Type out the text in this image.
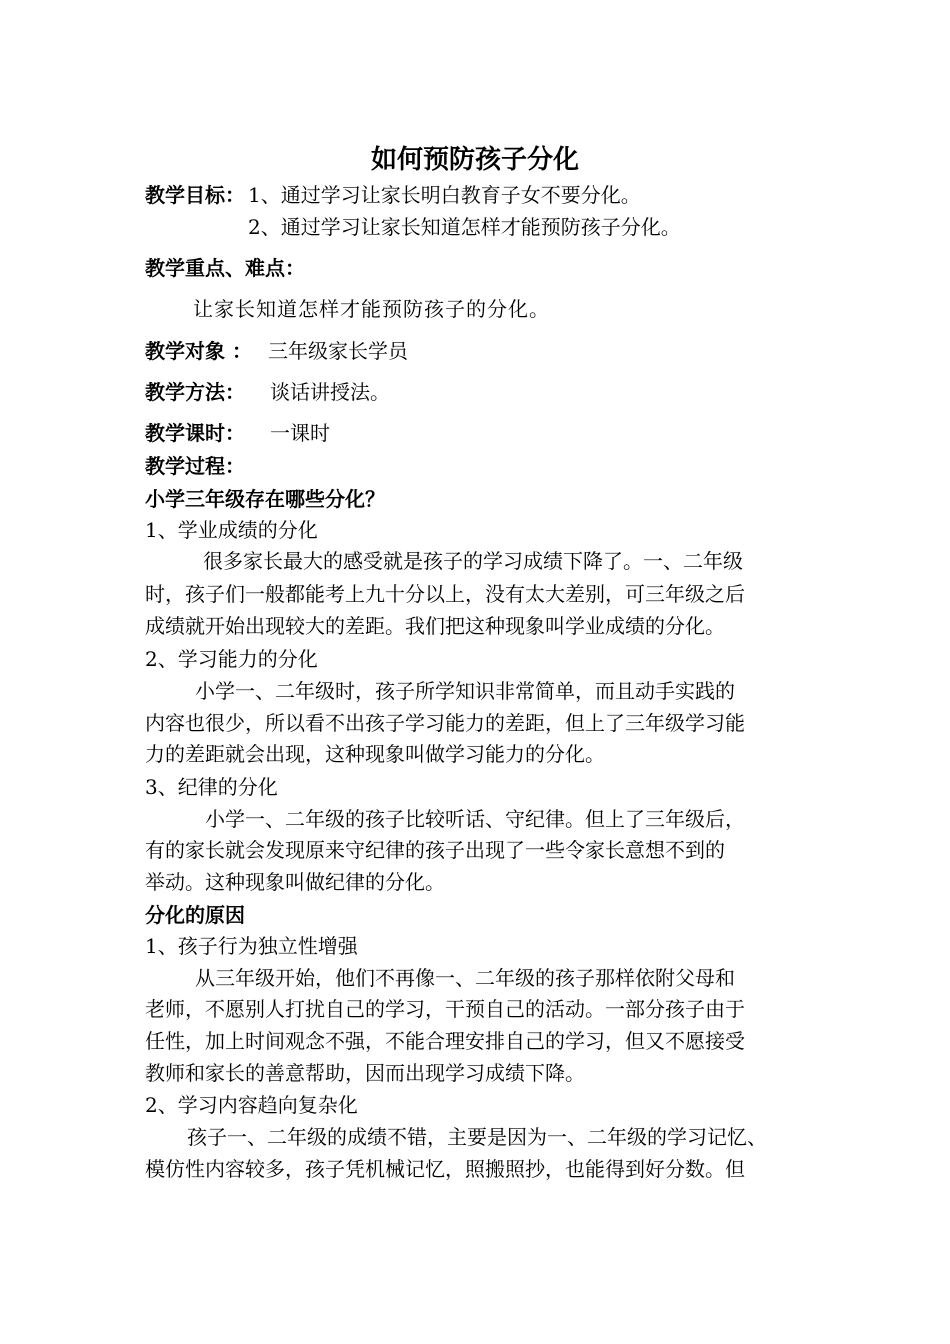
如何预防孩子分化
教学目标： 1、通过学习让家长明白教育子女不要分化。
2、通过学习让家长知道怎样才能预防孩子分化。
教学重点、难点：
让家长知道怎样才能预防孩子的分化。
教学对象 ： 三年级家长学员
教学方法： 谈话讲授法。
教学课时： 一课时
教学过程：
小学三年级存在哪些分化？
1、学业成绩的分化
很多家长最大的感受就是孩子的学习成绩下降了。一、二年级
时，孩子们一般都能考上九十分以上，没有太大差别，可三年级之后
成绩就开始出现较大的差距。我们把这种现象叫学业成绩的分化。
2、学习能力的分化
小学一、二年级时，孩子所学知识非常简单，而且动手实践的
内容也很少，所以看不出孩子学习能力的差距，但上了三年级学习能
力的差距就会出现，这种现象叫做学习能力的分化。
3、纪律的分化
小学一、二年级的孩子比较听话、守纪律。但上了三年级后，
有的家长就会发现原来守纪律的孩子出现了一些令家长意想不到的
举动。这种现象叫做纪律的分化。
分化的原因
1、孩子行为独立性增强
从三年级开始，他们不再像一、二年级的孩子那样依附父母和
老师，不愿别人打扰自己的学习，干预自己的活动。一部分孩子由于
任性，加上时间观念不强，不能合理安排自己的学习，但又不愿接受
教师和家长的善意帮助，因而出现学习成绩下降。
2、学习内容趋向复杂化
孩子一、二年级的成绩不错，主要是因为一、二年级的学习记忆、
模仿性内容较多，孩子凭机械记忆，照搬照抄，也能得到好分数。但
